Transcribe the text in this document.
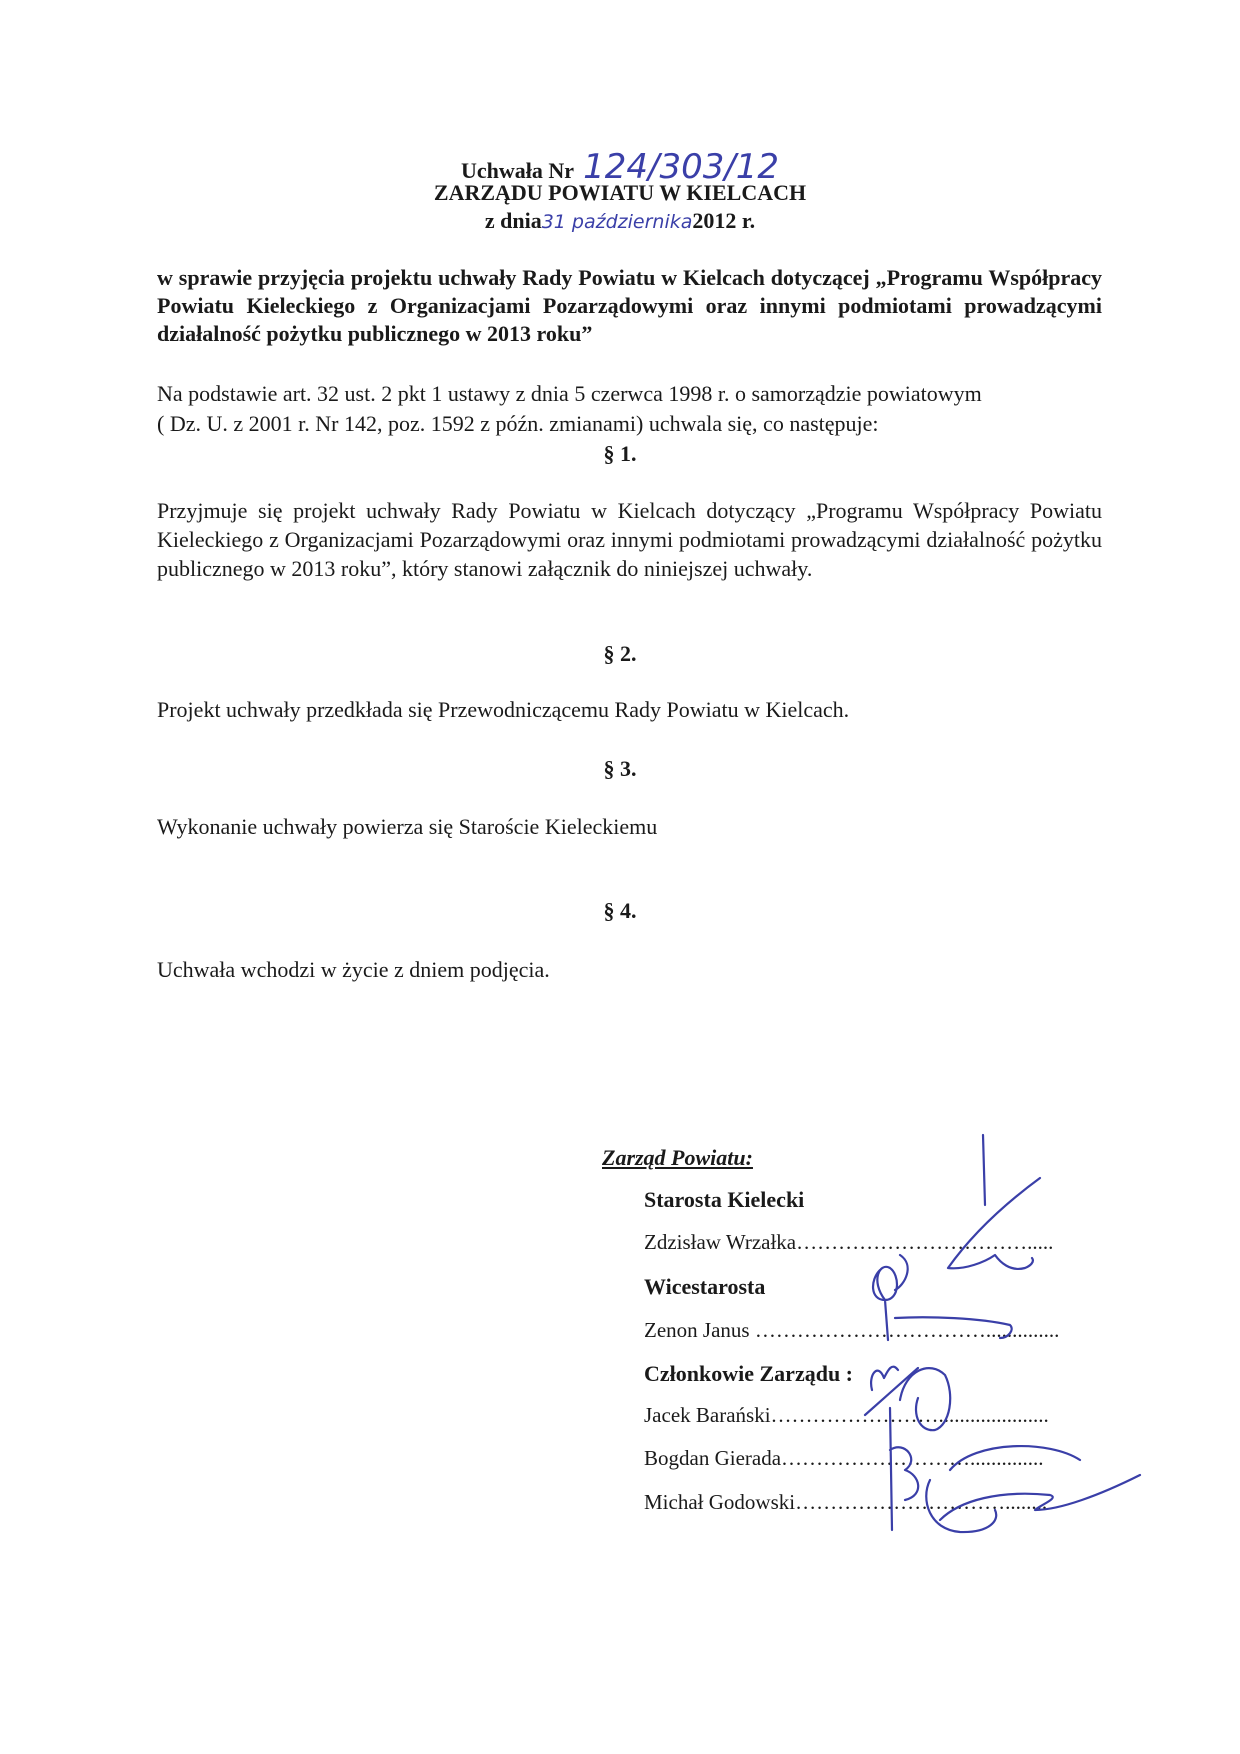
Uchwała Nr 124/303/12
ZARZĄDU POWIATU W KIELCACH
z dnia31 października2012 r.
w sprawie przyjęcia projektu uchwały Rady Powiatu w Kielcach dotyczącej „Programu Współpracy Powiatu Kieleckiego z Organizacjami Pozarządowymi oraz innymi podmiotami prowadzącymi działalność pożytku publicznego w 2013 roku”
Na podstawie art. 32 ust. 2 pkt 1 ustawy z dnia 5 czerwca 1998 r. o samorządzie powiatowym
( Dz. U. z 2001 r. Nr 142, poz. 1592 z późn. zmianami) uchwala się, co następuje:
§ 1.
Przyjmuje się projekt uchwały Rady Powiatu w Kielcach dotyczący „Programu Współpracy Powiatu Kieleckiego z Organizacjami Pozarządowymi oraz innymi podmiotami prowadzącymi działalność pożytku publicznego w 2013 roku”, który stanowi załącznik do niniejszej uchwały.
§ 2.
Projekt uchwały przedkłada się Przewodniczącemu Rady Powiatu w Kielcach.
§ 3.
Wykonanie uchwały powierza się Staroście Kieleckiemu
§ 4.
Uchwała wchodzi w życie z dniem podjęcia.
Zarząd Powiatu:
Starosta Kielecki
Zdzisław Wrzałka…………………………….....
Wicestarosta
Zenon Janus ……………………………..............
Członkowie Zarządu :
Jacek Barański…………………….....................
Bogdan Gierada………………………..............
Michał Godowski…………………………........
